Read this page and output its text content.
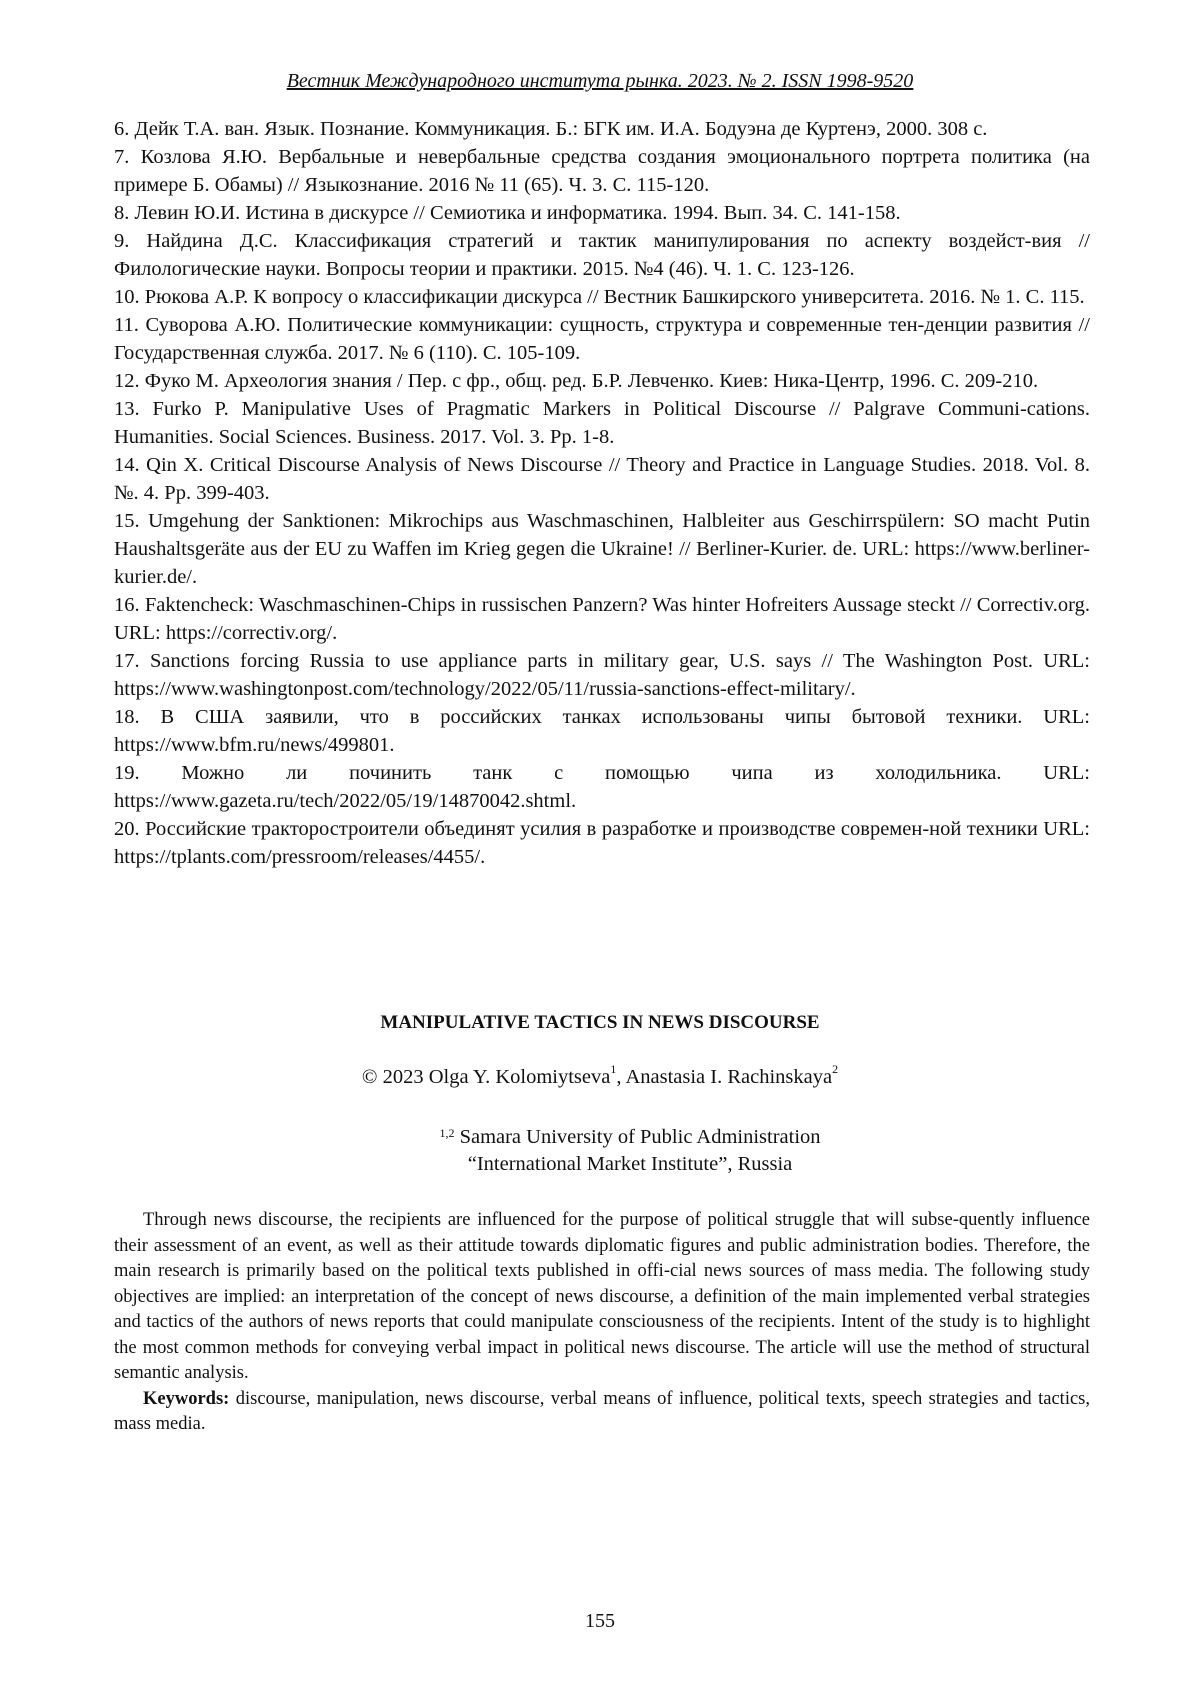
Вестник Международного института рынка. 2023. № 2. ISSN 1998-9520

6. Дейк Т.А. ван. Язык. Познание. Коммуникация. Б.: БГК им. И.А. Бодуэна де Куртенэ, 2000. 308 с.

7. Козлова Я.Ю. Вербальные и невербальные средства создания эмоционального портрета политика (на примере Б. Обамы) // Языкознание. 2016 № 11 (65). Ч. 3. С. 115-120.

8. Левин Ю.И. Истина в дискурсе // Семиотика и информатика. 1994. Вып. 34. С. 141-158.

9. Найдина Д.С. Классификация стратегий и тактик манипулирования по аспекту воздейст-вия // Филологические науки. Вопросы теории и практики. 2015. №4 (46). Ч. 1. С. 123-126.

10. Рюкова А.Р. К вопросу о классификации дискурса // Вестник Башкирского университета. 2016. № 1. С. 115.

11. Суворова А.Ю. Политические коммуникации: сущность, структура и современные тен-денции развития // Государственная служба. 2017. № 6 (110). С. 105-109.

12. Фуко М. Археология знания / Пер. с фр., общ. ред. Б.Р. Левченко. Киев: Ника-Центр, 1996. С. 209-210.

13. Furko P. Manipulative Uses of Pragmatic Markers in Political Discourse // Palgrave Communi-cations. Humanities. Social Sciences. Business. 2017. Vol. 3. Pp. 1-8.

14. Qin X. Critical Discourse Analysis of News Discourse // Theory and Practice in Language Studies. 2018. Vol. 8. №. 4. Pp. 399-403.

15. Umgehung der Sanktionen: Mikrochips aus Waschmaschinen, Halbleiter aus Geschirrspülern: SO macht Putin Haushaltsgeräte aus der EU zu Waffen im Krieg gegen die Ukraine! // Berliner-Kurier. de. URL: https://www.berliner-kurier.de/.

16. Faktencheck: Waschmaschinen-Chips in russischen Panzern? Was hinter Hofreiters Aussage steckt // Correctiv.org. URL: https://correctiv.org/.

17. Sanctions forcing Russia to use appliance parts in military gear, U.S. says // The Washington Post. URL: https://www.washingtonpost.com/technology/2022/05/11/russia-sanctions-effect-military/.

18. В США заявили, что в российских танках использованы чипы бытовой техники. URL: https://www.bfm.ru/news/499801.

19. Можно ли починить танк с помощью чипа из холодильника. URL: https://www.gazeta.ru/tech/2022/05/19/14870042.shtml.

20. Российские тракторостроители объединят усилия в разработке и производстве современ-ной техники URL: https://tplants.com/pressroom/releases/4455/.

MANIPULATIVE TACTICS IN NEWS DISCOURSE
© 2023 Olga Y. Kolomiytseva$^1$, Anastasia I. Rachinskaya$^2$
$^{1,2}$ Samara University of Public Administration
“International Market Institute”, Russia

Through news discourse, the recipients are influenced for the purpose of political struggle that will subse-quently influence their assessment of an event, as well as their attitude towards diplomatic figures and public administration bodies. Therefore, the main research is primarily based on the political texts published in offi-cial news sources of mass media. The following study objectives are implied: an interpretation of the concept of news discourse, a definition of the main implemented verbal strategies and tactics of the authors of news reports that could manipulate consciousness of the recipients. Intent of the study is to highlight the most common methods for conveying verbal impact in political news discourse. The article will use the method of structural semantic analysis.

Keywords: discourse, manipulation, news discourse, verbal means of influence, political texts, speech strategies and tactics, mass media.

155
